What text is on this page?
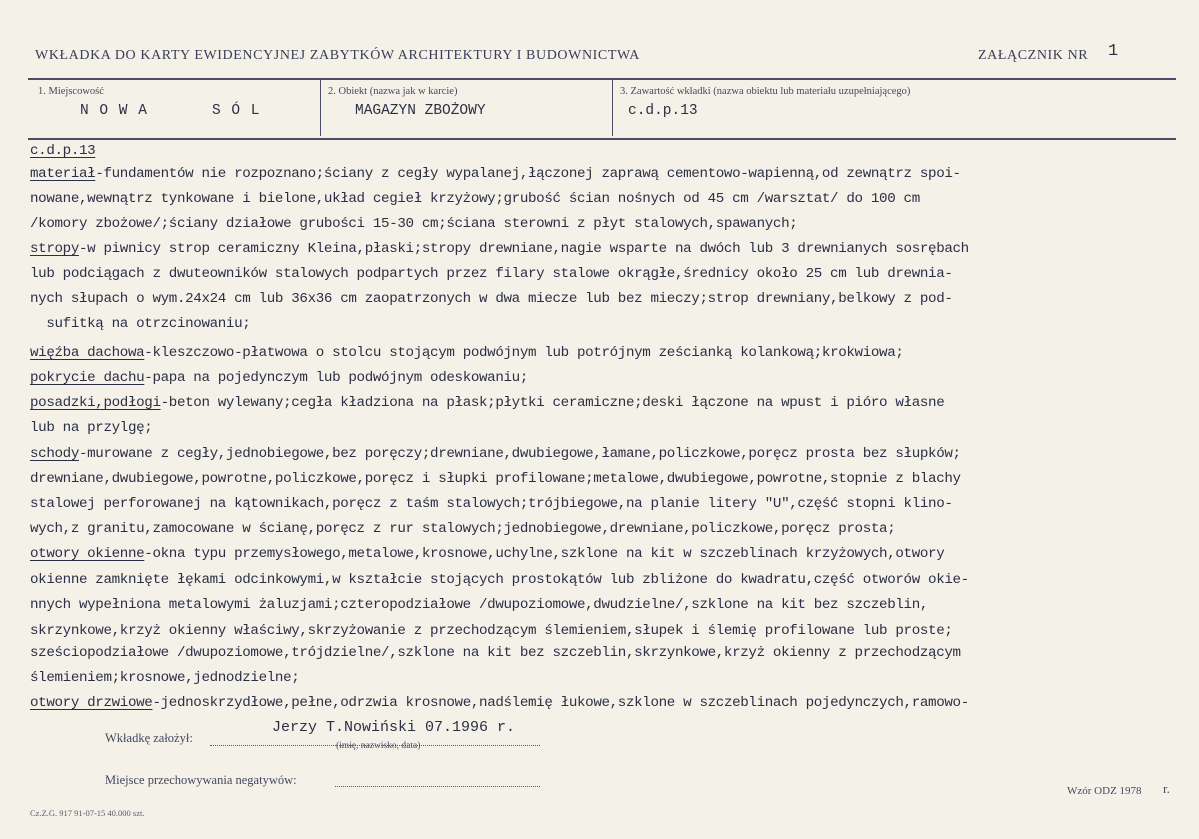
WKŁADKA DO KARTY EWIDENCYJNEJ ZABYTKÓW ARCHITEKTURY I BUDOWNICTWA	ZAŁĄCZNIK NR 1
1. Miejscowość
N O W A	S Ó L
2. Obiekt (nazwa jak w karcie)
MAGAZYN ZBOŻOWY
3. Zawartość wkładki (nazwa obiektu lub materiału uzupełniającego)
c.d.p.13
c.d.p.13
materiał-fundamentów nie rozpoznano;ściany z cegły wypalanej,łączonej zaprawą cementowo-wapienną,od zewnątrz spoi-
nowane,wewnątrz tynkowane i bielone,układ cegieł krzyżowy;grubość ścian nośnych od 45 cm /warsztat/ do 100 cm
/komory zbożowe/;ściany działowe grubości 15-30 cm;ściana sterowni z płyt stalowych,spawanych;
stropy-w piwnicy strop ceramiczny Kleina,płaski;stropy drewniane,nagie wsparte na dwóch lub 3 drewnianych sosrębach
lub podciągach z dwuteowników stalowych podpartych przez filary stalowe okrągłe,średnicy około 25 cm lub drewnia-
nych słupach o wym.24x24 cm lub 36x36 cm zaopatrzonych w dwa miecze lub bez mieczy;strop drewniany,belkowy z pod-
sufitką na otrzcinowaniu;
więźba dachowa-kleszczowo-płatwowa o stolcu stojącym podwójnym lub potrójnym ześcianką kolankową;krokwiowa;
pokrycie dachu-papa na pojedynczym lub podwójnym odeskowaniu;
posadzki,podłogi-beton wylewany;cegła kładziona na płask;płytki ceramiczne;deski łączone na wpust i pióro własne
lub na przylgę;
schody-murowane z cegły,jednobiegowe,bez poręczy;drewniane,dwubiegowe,łamane,policzkowe,poręcz prosta bez słupków;
drewniane,dwubiegowe,powrotne,policzkowe,poręcz i słupki profilowane;metalowe,dwubiegowe,powrotne,stopnie z blachy
stalowej perforowanej na kątownikach,poręcz z taśm stalowych;trójbiegowe,na planie litery "U",część stopni klino-
wych,z granitu,zamocowane w ścianę,poręcz z rur stalowych;jednobiegowe,drewniane,policzkowe,poręcz prosta;
otwory okienne-okna typu przemysłowego,metalowe,krosnowe,uchylne,szklone na kit w szczeblinach krzyżowych,otwory
okienne zamknięte łękami odcinkowymi,w kształcie stojących prostokątów lub zbliżone do kwadratu,część otworów okie-
nnych wypełniona metalowymi żaluzjami;czteropodziałowe /dwupoziomowe,dwudzielne/,szklone na kit bez szczeblin,
skrzynkowe,krzyż okienny właściwy,skrzyżowanie z przechodzącym ślemieniem,słupek i ślemię profilowane lub proste;
sześciopodziałowe /dwupoziomowe,trójdzielne/,szklone na kit bez szczeblin,skrzynkowe,krzyż okienny z przechodzącym
ślemieniem;krosnowe,jednodzielne;
otwory drzwiowe-jednoskrzydłowe,pełne,odrzwia krosnowe,nadślemię łukowe,szklone w szczeblinach pojedynczych,ramowo-
Wkładkę założył:
Jerzy T.Nowiński 07.1996 r.
(imię, nazwisko, data)
Miejsce przechowywania negatywów:
Cz.Z.G. 917 91-07-15 40.000 szt.
Wzór ODZ 1978 r.
